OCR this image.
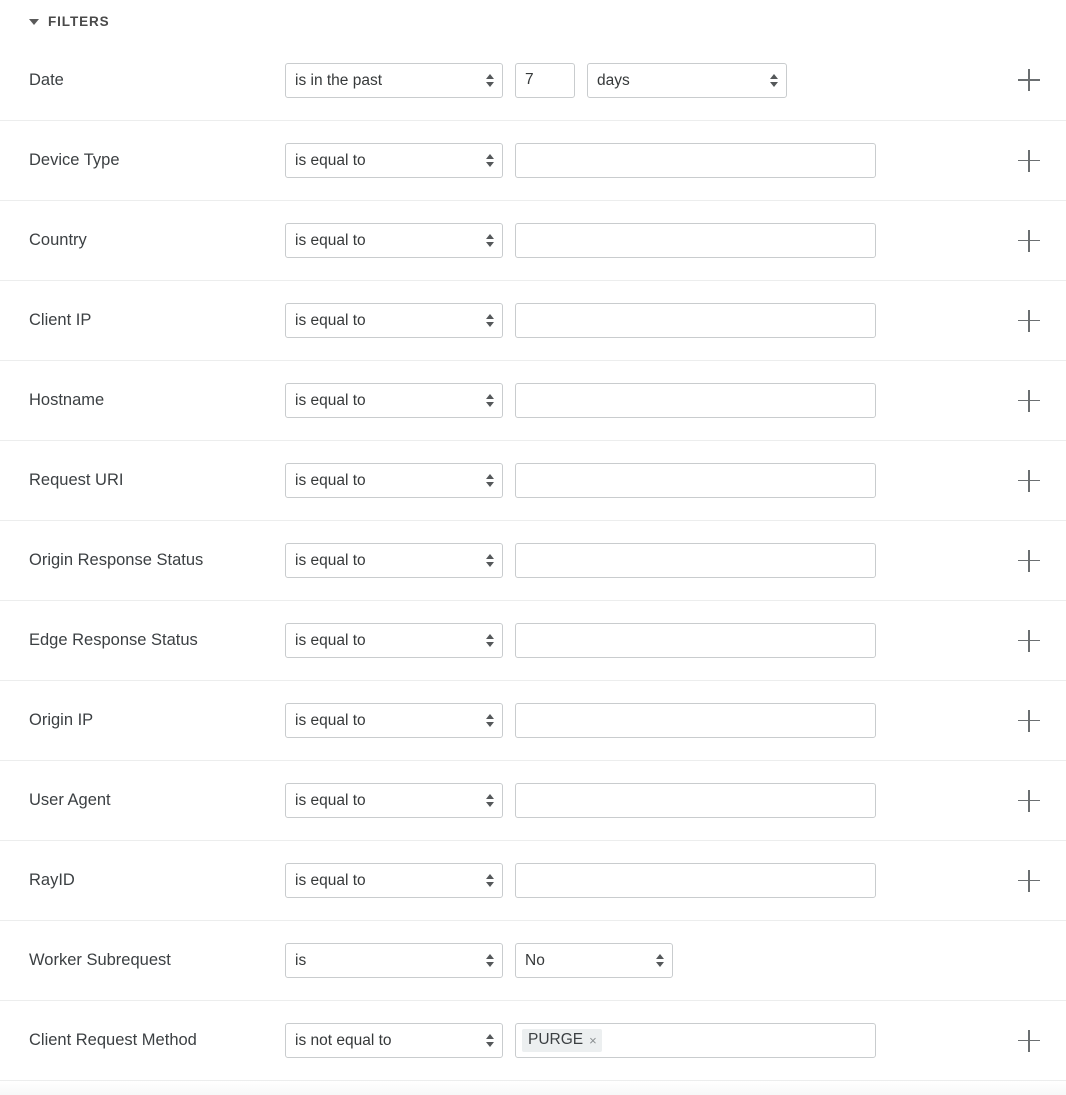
FILTERS
Date
is in the past
7
days
Device Type
is equal to
Country
is equal to
Client IP
is equal to
Hostname
is equal to
Request URI
is equal to
Origin Response Status
is equal to
Edge Response Status
is equal to
Origin IP
is equal to
User Agent
is equal to
RayID
is equal to
Worker Subrequest
is
No
Client Request Method
is not equal to	PURGE ×
